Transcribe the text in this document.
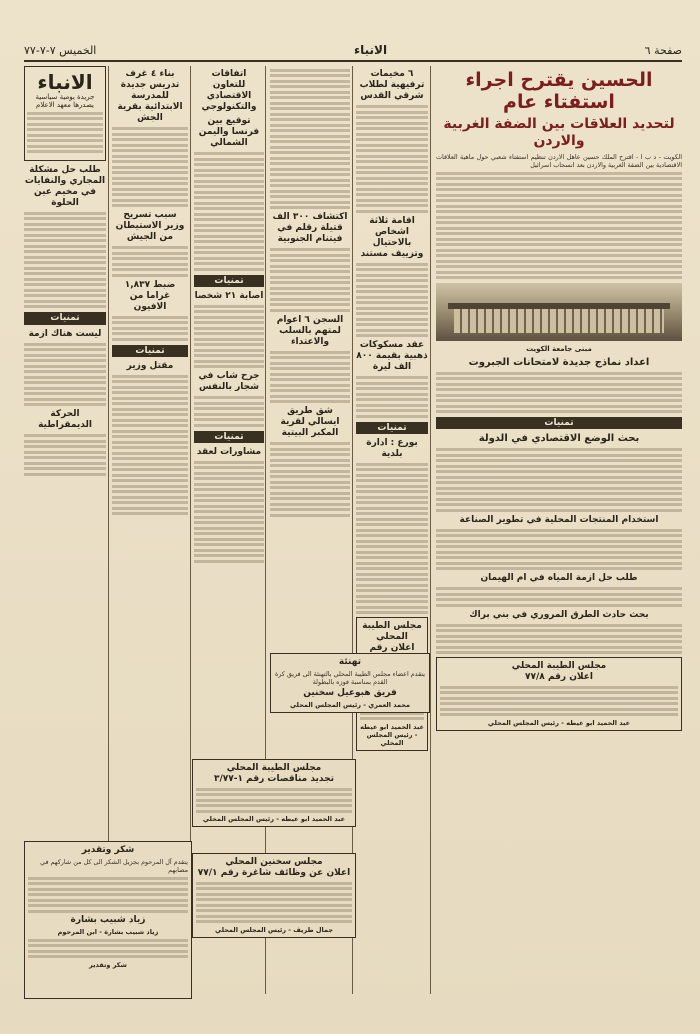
الخميس ٧-٧-٧٧	الانباء	صفحة ٦
الحسين يقترح اجراء استفتاء عام
لتحديد العلاقات بين الضفة الغربية والاردن
الكويت - د ب ا - اقترح الملك حسين عاهل الاردن تنظيم استفتاء شعبي حول ماهية العلاقات الاقتصادية بين الضفة الغربية والاردن بعد انسحاب اسرائيل
مبنى جامعة الكويت
اعداد نماذج جديدة لامتحانات الجبروت
تمنيات
بحث الوضع الاقتصادي في الدولة
استخدام المنتجات المحلية في تطوير الصناعة
طلب حل ازمة المياه في ام الهيمان
بحث حادث الطرق المروري في بني براك
مجلس الطيبة المحلي
اعلان رقم ٧٧/٨
عبد الحميد ابو عيطه - رئيس المجلس المحلي
٦ مخيمات ترفيهية لطلاب شرقي القدس
اقامة ثلاثة اشخاص بالاحتيال وتزييف مستند
عقد مسكوكات ذهبية بقيمة ٨٠٠ الف ليرة
تمنيات
بورع : ادارة بلدية
مجلس الطيبة المحلي
اعلان رقم
عبد الحميد ابو عيطه - رئيس المجلس المحلي
اكتشاف ٣٠٠ الف قتيلة رقلم في فيتنام الجنوبية
السجن ٦ اعوام لمتهم بالسلب والاعتداء
شق طريق ايسالي لقرية المكبر البيتية
تهنئة
يتقدم اعضاء مجلس الطيبة المحلي بالتهنئة الى فريق كرة القدم بمناسبة فوزه بالبطولة
فريق هبوعيل سخنين
محمد العمري - رئيس المجلس المحلي
اتفاقات للتعاون الاقتصادي والتكنولوجي
توقيع بين فرنسا واليمن الشمالي
تمنيات
اصابة ٢١ شخصا
جرح شاب في شجار بالنفس
تمنيات
مشاورات لعقد
مجلس الطيبة المحلي
تجديد مناقصات رقم ١-٣/٧٧
عبد الحميد ابو عيطه - رئيس المجلس المحلي
مجلس سخنين المحلي
اعلان عن وظائف شاغرة رقم ٧٧/١
جمال طريف - رئيس المجلس المحلي
بناء ٤ غرف تدريس جديدة للمدرسة الابتدائية بقرية الجش
سبب تسريح وزير الاستيطان من الجيش
ضبط ١,٨٣٧ غراما من الافيون
تمنيات
مقتل وزير
الانباء
جريدة يومية سياسية
يصدرها معهد الاعلام
طلب حل مشكلة المجاري والنفايات في مخيم عين الحلوة
تمنيات
ليست هناك ازمة
الحركة الديمقراطية
شكر وتقدير
يتقدم آل المرحوم بجزيل الشكر الى كل من شاركهم في مصابهم
زياد شبيب بشارة
زياد شبيب بشارة - ابن المرحوم
شكر وتقدير
